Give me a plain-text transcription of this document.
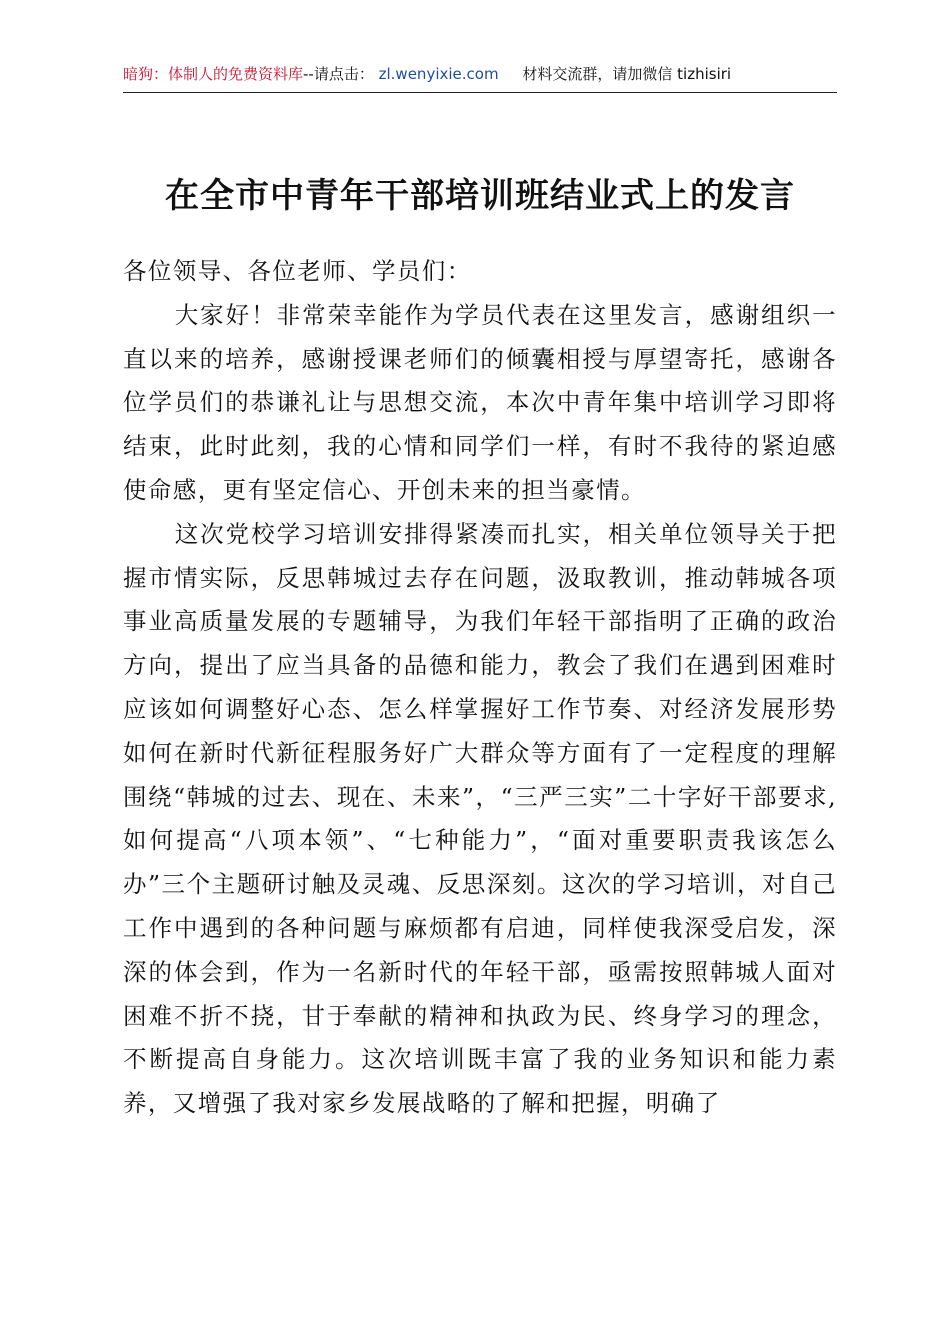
暗狗：体制人的免费资料库--请点击： zl.wenyixie.com 材料交流群，请加微信 tizhisiri
在全市中青年干部培训班结业式上的发言

各位领导、各位老师、学员们：

大家好！非常荣幸能作为学员代表在这里发言，感谢组织一直以来的培养，感谢授课老师们的倾囊相授与厚望寄托，感谢各位学员们的恭谦礼让与思想交流，本次中青年集中培训学习即将结束，此时此刻，我的心情和同学们一样，有时不我待的紧迫感使命感，更有坚定信心、开创未来的担当豪情。

这次党校学习培训安排得紧凑而扎实，相关单位领导关于把握市情实际，反思韩城过去存在问题，汲取教训，推动韩城各项事业高质量发展的专题辅导，为我们年轻干部指明了正确的政治方向，提出了应当具备的品德和能力，教会了我们在遇到困难时应该如何调整好心态、怎么样掌握好工作节奏、对经济发展形势如何在新时代新征程服务好广大群众等方面有了一定程度的理解围绕“韩城的过去、现在、未来”，“三严三实”二十字好干部要求,如何提高“八项本领”、“七种能力”，“面对重要职责我该怎么办”三个主题研讨触及灵魂、反思深刻。这次的学习培训，对自己工作中遇到的各种问题与麻烦都有启迪，同样使我深受启发，深深的体会到，作为一名新时代的年轻干部，亟需按照韩城人面对困难不折不挠，甘于奉献的精神和执政为民、终身学习的理念，不断提高自身能力。这次培训既丰富了我的业务知识和能力素养，又增强了我对家乡发展战略的了解和把握，明确了
